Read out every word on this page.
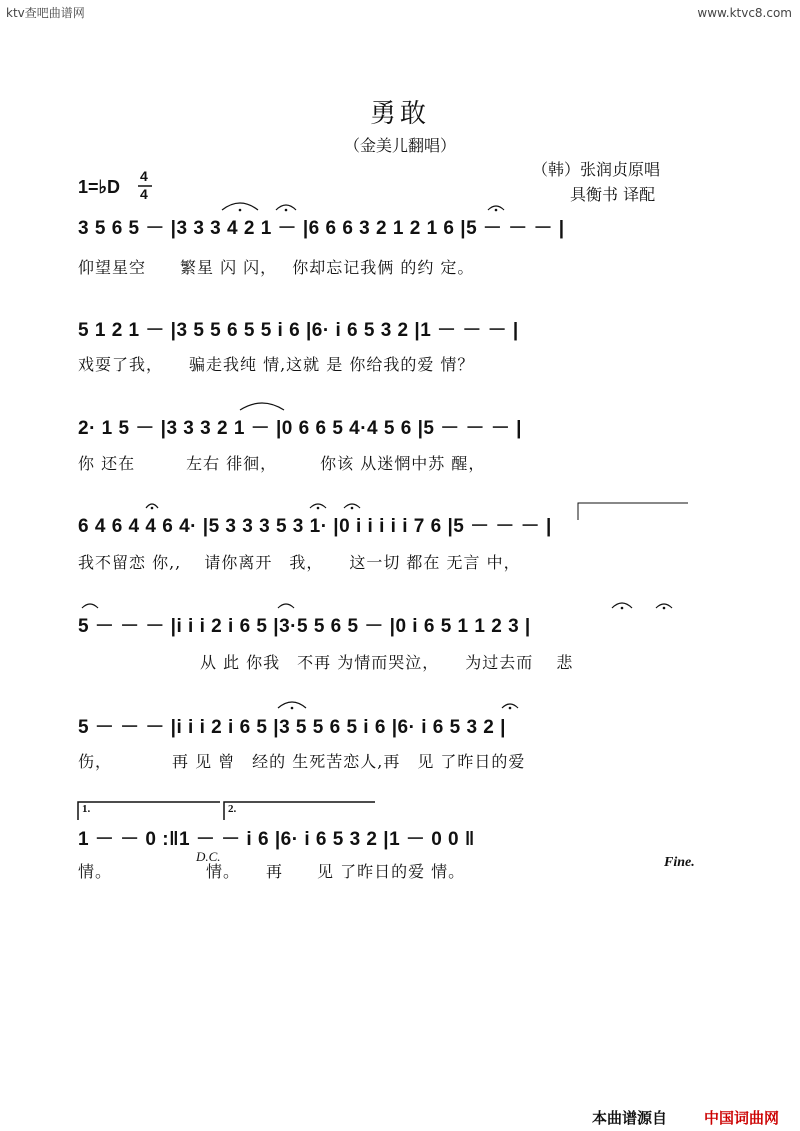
ktv查吧曲谱网	www.ktvc8.com
勇敢
（金美儿翻唱）
（韩）张润贞原唱
具衡书 译配
1=♭D
4
4
3 5 6 5 － |3 3 3 4 2 1 － |6 6 6 3 2 1 2 1 6 |5 － － － |
仰望星空　　繁星 闪 闪，　 你却忘记我俩 的约 定。
5 1 2 1 － |3 5 5 6 5 5 i 6 |6· i 6 5 3 2 |1 － － － |
戏耍了我，　　骗走我纯 情,这就 是 你给我的爱 情？
2· 1 5 － |3 3 3 2 1 － |0 6 6 5 4·4 5 6 |5 － － － |
你 还在　　　左右 徘徊，　　　你该 从迷惘中苏 醒，
6 4 6 4 4 6 4· |5 3 3 3 5 3 1· |0 i i i i i 7 6 |5 － － － |
我不留恋 你,,　 请你离开　我，　　这一切 都在 无言 中，
5 － － － |i i i 2 i 6 5 |3·5 5 6 5 － |0 i 6 5 1 1 2 3 |
从 此 你我　不再 为情而哭泣，　　为过去而　 悲
5 － － － |i i i 2 i 6 5 |3 5 5 6 5 i 6 |6· i 6 5 3 2 |
伤，　　　　再 见 曾　经的 生死苦恋人,再　见 了昨日的爱
1 － － 0 :‖1 － － i 6 |6· i 6 5 3 2 |1 － 0 0 ‖
情。　　　　　　情。　　再　　见 了昨日的爱 情。
1.	2.
D.C.	Fine.
本曲谱源自 中国词曲网
